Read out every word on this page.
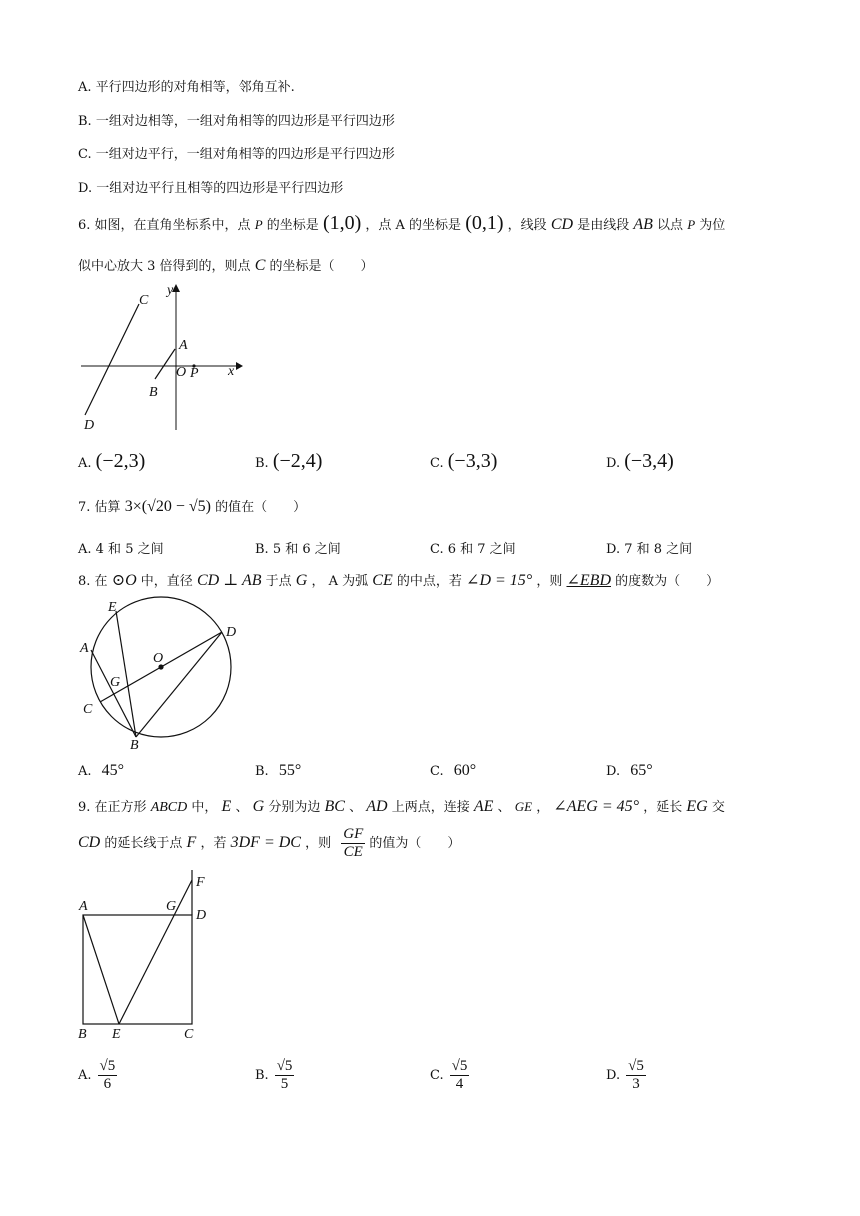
A. 平行四边形的对角相等，邻角互补.
B. 一组对边相等，一组对角相等的四边形是平行四边形
C. 一组对边平行，一组对角相等的四边形是平行四边形
D. 一组对边平行且相等的四边形是平行四边形
6. 如图，在直角坐标系中，点 P 的坐标是 (1,0) ，点 A 的坐标是 (0,1) ，线段 CD 是由线段 AB 以点 P 为位
似中心放大 3 倍得到的，则点 C 的坐标是（　　）
C
y
A
O P x
B
D
A. (−2,3)	B. (−2,4)	C. (−3,3)	D. (−3,4)
7. 估算 3×(√20 − √5) 的值在（　　）
A. 4 和 5 之间	B. 5 和 6 之间	C. 6 和 7 之间	D. 7 和 8 之间
8. 在 ⊙O 中，直径 CD ⊥ AB 于点 G ， A 为弧 CE 的中点，若 ∠D = 15° ，则 ∠EBD 的度数为（　　）
E
D
A
O
G
C
B
A. 45°	B. 55°	C. 60°	D. 65°
9. 在正方形 ABCD 中， E 、 G 分别为边 BC 、 AD 上两点，连接 AE 、 GE ， ∠AEG = 45° ，延长 EG 交
CD 的延长线于点 F ，若 3DF = DC ，则 $\frac{GF}{CE}$ 的值为（　　）
F
A	G
D
B E	C
A. $\frac{√5}{6}$	B. $\frac{√5}{5}$	C. $\frac{√5}{4}$	D. $\frac{√5}{3}$
